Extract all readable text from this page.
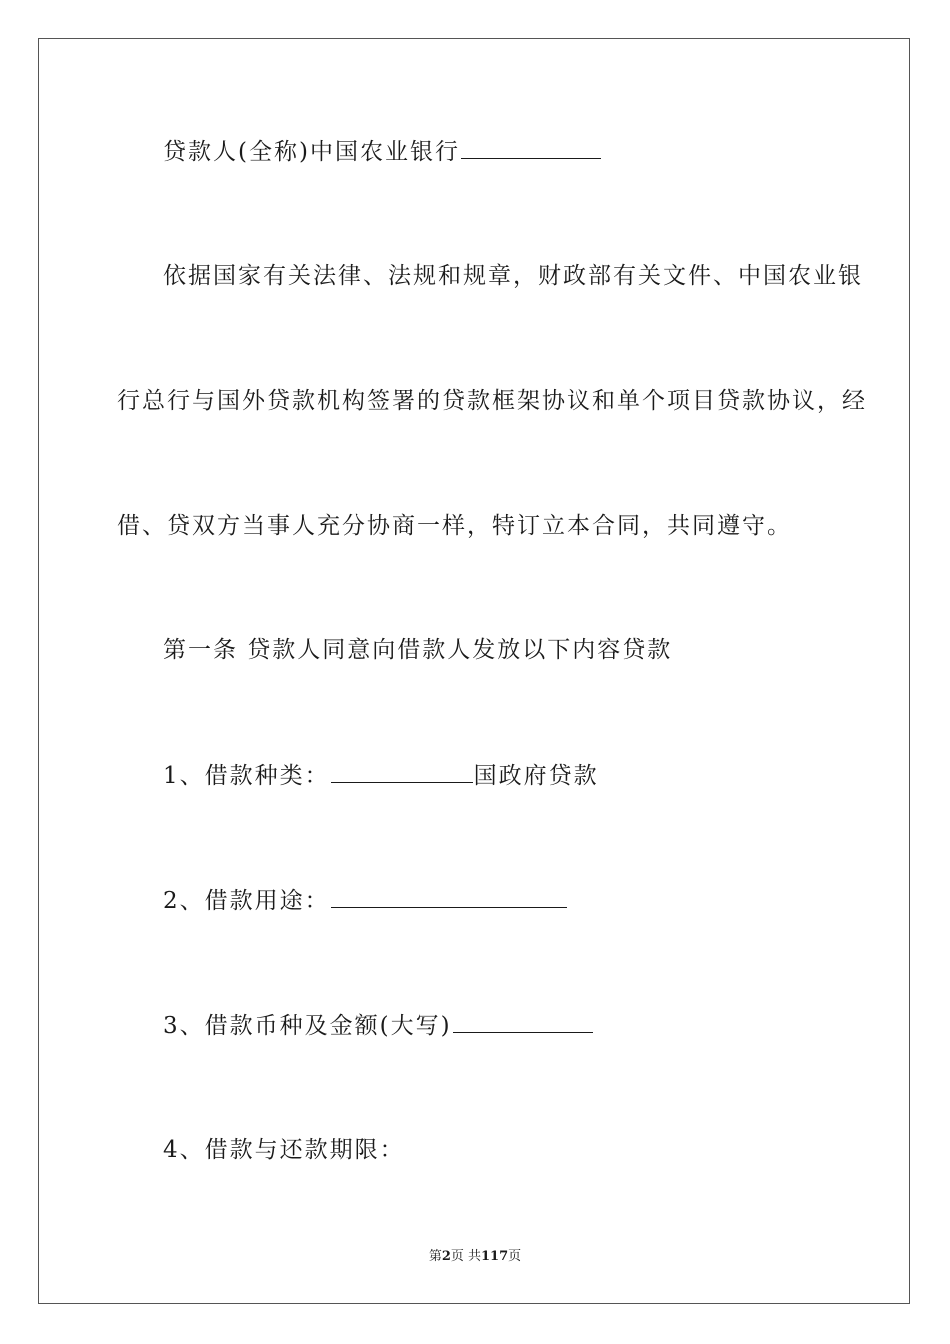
贷款人(全称)中国农业银行
依据国家有关法律、法规和规章，财政部有关文件、中国农业银
行总行与国外贷款机构签署的贷款框架协议和单个项目贷款协议，经
借、贷双方当事人充分协商一样，特订立本合同，共同遵守。
第一条 贷款人同意向借款人发放以下内容贷款
1、借款种类：	国政府贷款
2、借款用途：
3、借款币种及金额(大写)
4、借款与还款期限：
第2页 共117页
